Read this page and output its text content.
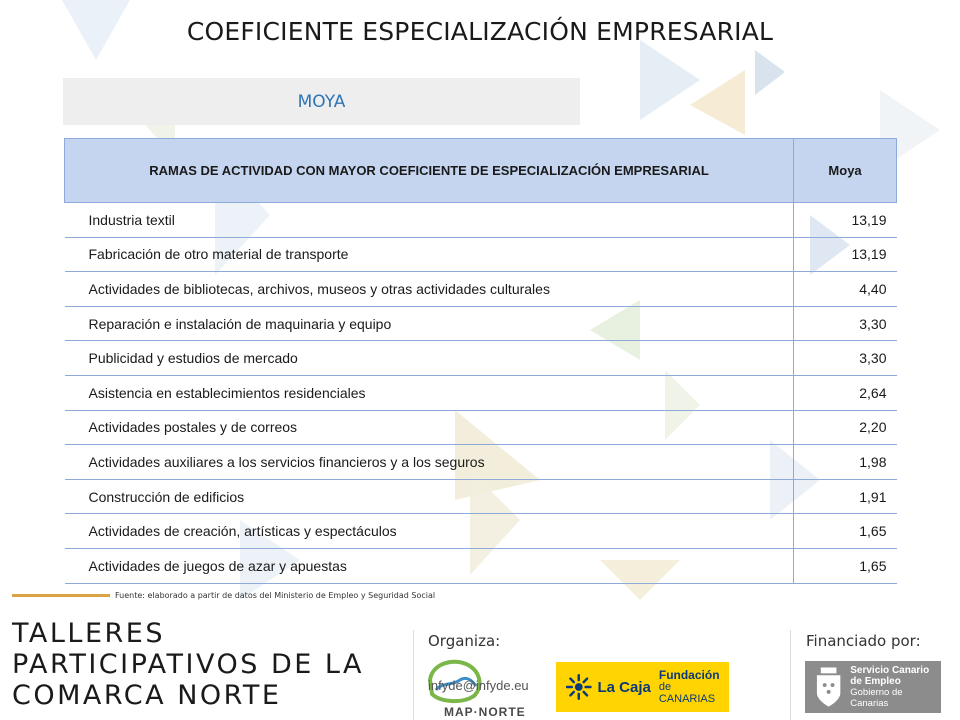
COEFICIENTE ESPECIALIZACIÓN EMPRESARIAL
MOYA
RAMAS DE ACTIVIDAD CON MAYOR COEFICIENTE DE ESPECIALIZACIÓN EMPRESARIAL	Moya
Industria textil	13,19
Fabricación de otro material de transporte	13,19
Actividades de bibliotecas, archivos, museos y otras actividades culturales	4,40
Reparación e instalación de maquinaria y equipo	3,30
Publicidad y estudios de mercado	3,30
Asistencia en establecimientos residenciales	2,64
Actividades postales y de correos	2,20
Actividades auxiliares a los servicios financieros y a los seguros	1,98
Construcción de edificios	1,91
Actividades de creación, artísticas y espectáculos	1,65
Actividades de juegos de azar y apuestas	1,65
Fuente: elaborado a partir de datos del Ministerio de Empleo y Seguridad Social
TALLERES
PARTICIPATIVOS DE LA
COMARCA NORTE
Organiza:	Financiado por:
infyde@infyde.eu
MAP·NORTE
La Caja
Fundación
de CANARIAS
Servicio Canario
de Empleo
Gobierno de Canarias
